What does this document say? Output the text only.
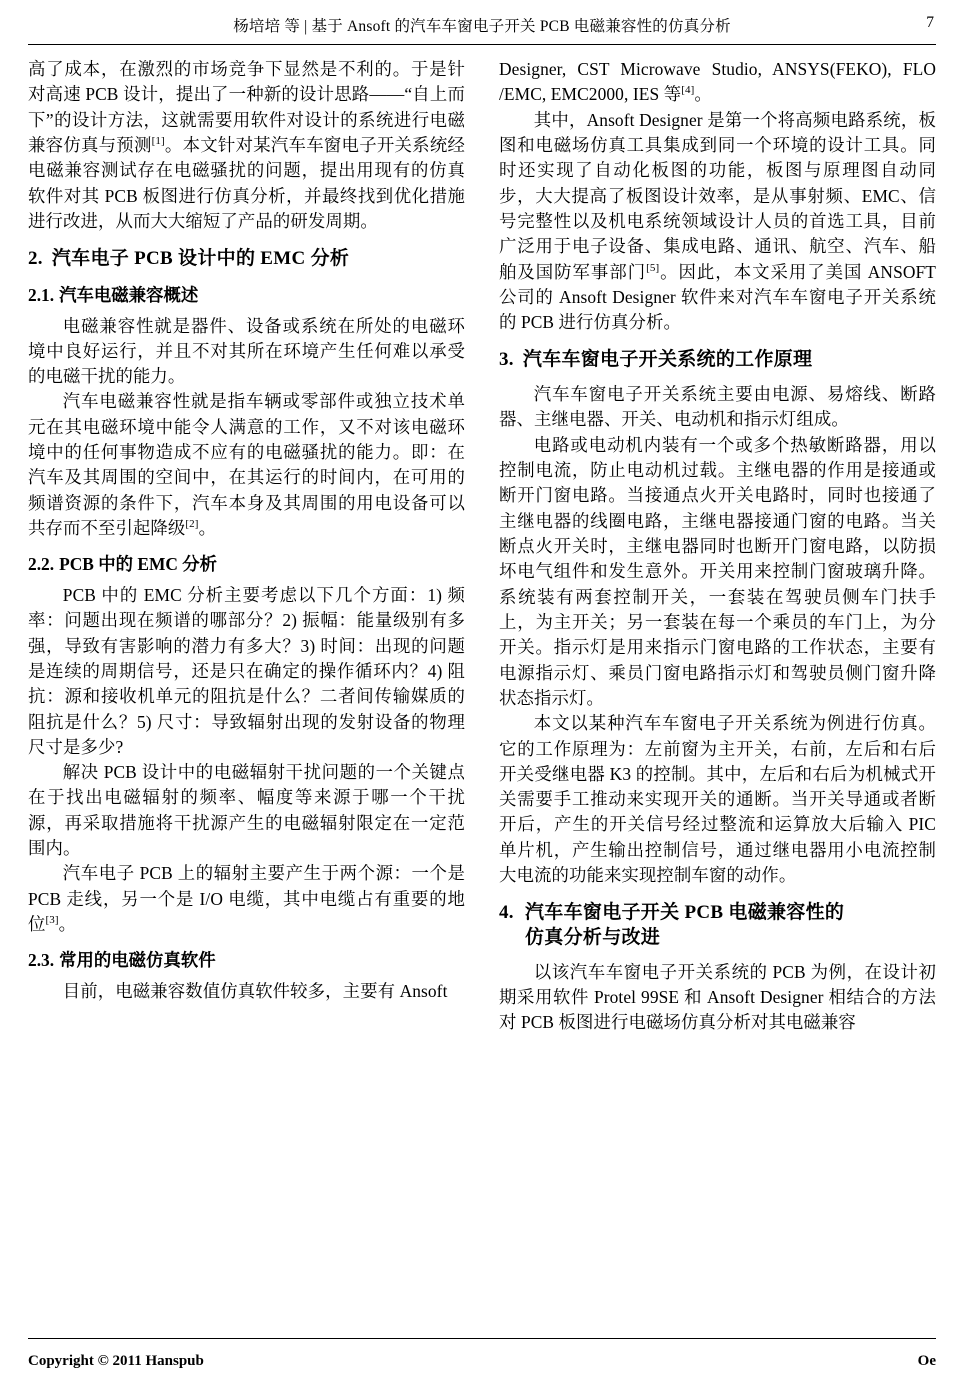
杨培培 等 | 基于 Ansoft 的汽车车窗电子开关 PCB 电磁兼容性的仿真分析	7

高了成本，在激烈的市场竞争下显然是不利的。于是针对高速 PCB 设计，提出了一种新的设计思路——“自上而下”的设计方法，这就需要用软件对设计的系统进行电磁兼容仿真与预测[1]。本文针对某汽车车窗电子开关系统经电磁兼容测试存在电磁骚扰的问题，提出用现有的仿真软件对其 PCB 板图进行仿真分析，并最终找到优化措施进行改进，从而大大缩短了产品的研发周期。

2. 汽车电子 PCB 设计中的 EMC 分析
2.1. 汽车电磁兼容概述

电磁兼容性就是器件、设备或系统在所处的电磁环境中良好运行，并且不对其所在环境产生任何难以承受的电磁干扰的能力。

汽车电磁兼容性就是指车辆或零部件或独立技术单元在其电磁环境中能令人满意的工作，又不对该电磁环境中的任何事物造成不应有的电磁骚扰的能力。即：在汽车及其周围的空间中，在其运行的时间内，在可用的频谱资源的条件下，汽车本身及其周围的用电设备可以共存而不至引起降级[2]。

2.2. PCB 中的 EMC 分析

PCB 中的 EMC 分析主要考虑以下几个方面：1) 频率：问题出现在频谱的哪部分？2) 振幅：能量级别有多强，导致有害影响的潜力有多大？3) 时间：出现的问题是连续的周期信号，还是只在确定的操作循环内？4) 阻抗：源和接收机单元的阻抗是什么？二者间传输媒质的阻抗是什么？5) 尺寸：导致辐射出现的发射设备的物理尺寸是多少?

解决 PCB 设计中的电磁辐射干扰问题的一个关键点在于找出电磁辐射的频率、幅度等来源于哪一个干扰源，再采取措施将干扰源产生的电磁辐射限定在一定范围内。

汽车电子 PCB 上的辐射主要产生于两个源：一个是 PCB 走线，另一个是 I/O 电缆，其中电缆占有重要的地位[3]。

2.3. 常用的电磁仿真软件

目前，电磁兼容数值仿真软件较多，主要有 Ansoft

Designer, CST Microwave Studio, ANSYS(FEKO), FLO /EMC, EMC2000, IES 等[4]。

其中，Ansoft Designer 是第一个将高频电路系统，板图和电磁场仿真工具集成到同一个环境的设计工具。同时还实现了自动化板图的功能，板图与原理图自动同步，大大提高了板图设计效率，是从事射频、EMC、信号完整性以及机电系统领域设计人员的首选工具，目前广泛用于电子设备、集成电路、通讯、航空、汽车、船舶及国防军事部门[5]。因此，本文采用了美国 ANSOFT 公司的 Ansoft Designer 软件来对汽车车窗电子开关系统的 PCB 进行仿真分析。

3. 汽车车窗电子开关系统的工作原理

汽车车窗电子开关系统主要由电源、易熔线、断路器、主继电器、开关、电动机和指示灯组成。

电路或电动机内装有一个或多个热敏断路器，用以控制电流，防止电动机过载。主继电器的作用是接通或断开门窗电路。当接通点火开关电路时，同时也接通了主继电器的线圈电路，主继电器接通门窗的电路。当关断点火开关时，主继电器同时也断开门窗电路，以防损坏电气组件和发生意外。开关用来控制门窗玻璃升降。系统装有两套控制开关，一套装在驾驶员侧车门扶手上，为主开关；另一套装在每一个乘员的车门上，为分开关。指示灯是用来指示门窗电路的工作状态，主要有电源指示灯、乘员门窗电路指示灯和驾驶员侧门窗升降状态指示灯。

本文以某种汽车车窗电子开关系统为例进行仿真。它的工作原理为：左前窗为主开关，右前，左后和右后开关受继电器 K3 的控制。其中，左后和右后为机械式开关需要手工推动来实现开关的通断。当开关导通或者断开后，产生的开关信号经过整流和运算放大后输入 PIC 单片机，产生输出控制信号，通过继电器用小电流控制大电流的功能来实现控制车窗的动作。

4. 汽车车窗电子开关 PCB 电磁兼容性的
仿真分析与改进

以该汽车车窗电子开关系统的 PCB 为例，在设计初期采用软件 Protel 99SE 和 Ansoft Designer 相结合的方法对 PCB 板图进行电磁场仿真分析对其电磁兼容

Copyright © 2011 Hanspub	Oe
